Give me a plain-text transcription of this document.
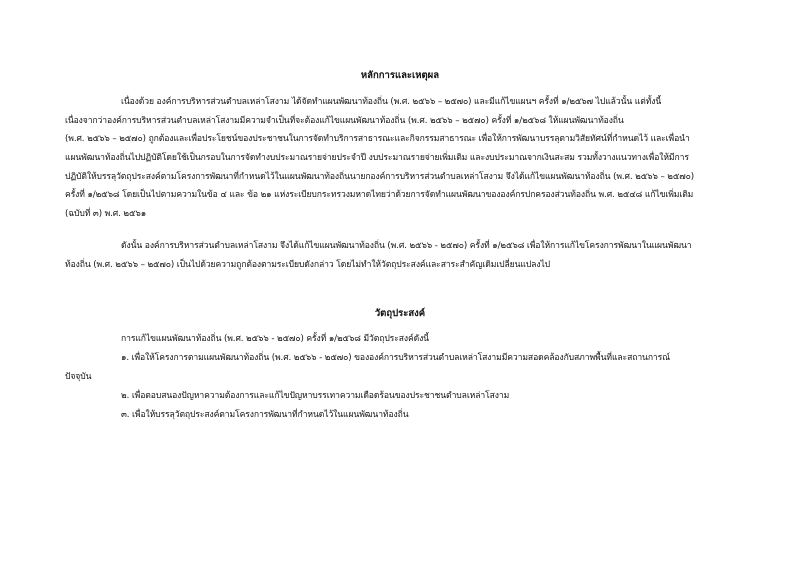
หลักการและเหตุผล
เนื่องด้วย องค์การบริหารส่วนตำบลเหล่าโสงาม ได้จัดทำแผนพัฒนาท้องถิ่น (พ.ศ. ๒๕๖๖ – ๒๕๗๐) และมีแก้ไขแผนฯ ครั้งที่ ๑/๒๕๖๗ ไปแล้วนั้น แต่ทั้งนี้
เนื่องจากว่าองค์การบริหารส่วนตำบลเหล่าโสงามมีความจำเป็นที่จะต้องแก้ไขแผนพัฒนาท้องถิ่น (พ.ศ. ๒๕๖๖ – ๒๕๗๐) ครั้งที่ ๑/๒๕๖๘ ให้แผนพัฒนาท้องถิ่น
(พ.ศ. ๒๕๖๖ – ๒๕๗๐) ถูกต้องและเพื่อประโยชน์ของประชาชนในการจัดทำบริการสาธารณะและกิจกรรมสาธารณะ เพื่อให้การพัฒนาบรรลุตามวิสัยทัศน์ที่กำหนดไว้ และเพื่อนำ
แผนพัฒนาท้องถิ่นไปปฏิบัติโดยใช้เป็นกรอบในการจัดทำงบประมาณรายจ่ายประจำปี งบประมาณรายจ่ายเพิ่มเติม และงบประมาณจากเงินสะสม รวมทั้งวางแนวทางเพื่อให้มีการ
ปฏิบัติให้บรรลุวัตถุประสงค์ตามโครงการพัฒนาที่กำหนดไว้ในแผนพัฒนาท้องถิ่นนายกองค์การบริหารส่วนตำบลเหล่าโสงาม จึงได้แก้ไขแผนพัฒนาท้องถิ่น (พ.ศ. ๒๕๖๖ – ๒๕๗๐)
ครั้งที่ ๑/๒๕๖๘ โดยเป็นไปตามความในข้อ ๔ และ ข้อ ๒๑ แห่งระเบียบกระทรวงมหาดไทยว่าด้วยการจัดทำแผนพัฒนาขององค์กรปกครองส่วนท้องถิ่น พ.ศ. ๒๕๔๘ แก้ไขเพิ่มเติม
(ฉบับที่ ๓) พ.ศ. ๒๕๖๑
ดังนั้น องค์การบริหารส่วนตำบลเหล่าโสงาม จึงได้แก้ไขแผนพัฒนาท้องถิ่น (พ.ศ. ๒๕๖๖ - ๒๕๗๐) ครั้งที่ ๑/๒๕๖๘ เพื่อให้การแก้ไขโครงการพัฒนาในแผนพัฒนา
ท้องถิ่น (พ.ศ. ๒๕๖๖ – ๒๕๗๐) เป็นไปด้วยความถูกต้องตามระเบียบดังกล่าว โดยไม่ทำให้วัตถุประสงค์และสาระสำคัญเดิมเปลี่ยนแปลงไป
วัตถุประสงค์
การแก้ไขแผนพัฒนาท้องถิ่น (พ.ศ. ๒๕๖๖ - ๒๕๗๐) ครั้งที่ ๑/๒๕๖๘ มีวัตถุประสงค์ดังนี้
๑. เพื่อให้โครงการตามแผนพัฒนาท้องถิ่น (พ.ศ. ๒๕๖๖ - ๒๕๗๐) ขององค์การบริหารส่วนตำบลเหล่าโสงามมีความสอดคล้องกับสภาพพื้นที่และสถานการณ์
ปัจจุบัน
๒. เพื่อตอบสนองปัญหาความต้องการและแก้ไขปัญหาบรรเทาความเดือดร้อนของประชาชนตำบลเหล่าโสงาม
๓. เพื่อให้บรรลุวัตถุประสงค์ตามโครงการพัฒนาที่กำหนดไว้ในแผนพัฒนาท้องถิ่น
